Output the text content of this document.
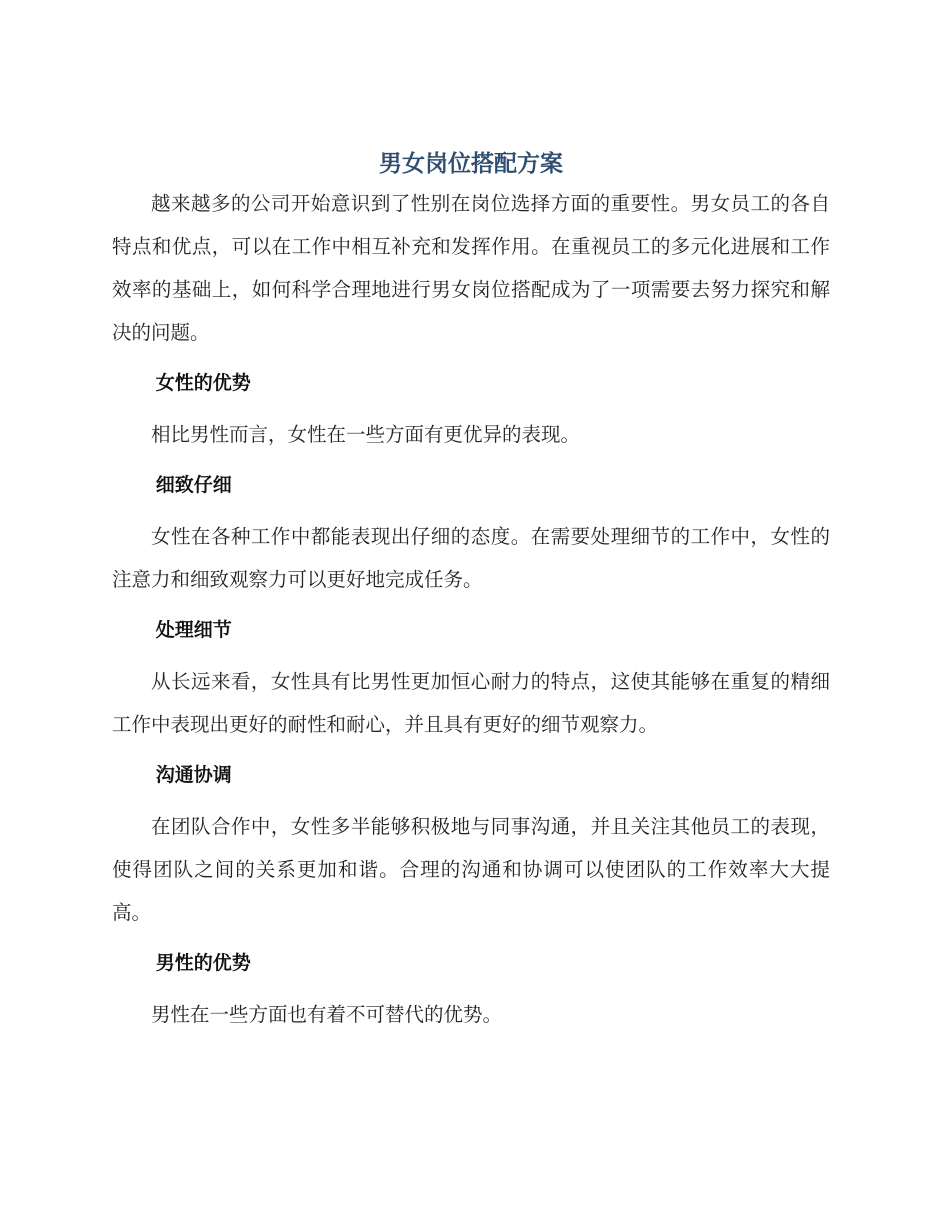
男女岗位搭配方案

越来越多的公司开始意识到了性别在岗位选择方面的重要性。男女员工的各自特点和优点，可以在工作中相互补充和发挥作用。在重视员工的多元化进展和工作效率的基础上，如何科学合理地进行男女岗位搭配成为了一项需要去努力探究和解决的问题。

女性的优势

相比男性而言，女性在一些方面有更优异的表现。

细致仔细

女性在各种工作中都能表现出仔细的态度。在需要处理细节的工作中，女性的注意力和细致观察力可以更好地完成任务。

处理细节

从长远来看，女性具有比男性更加恒心耐力的特点，这使其能够在重复的精细工作中表现出更好的耐性和耐心，并且具有更好的细节观察力。

沟通协调

在团队合作中，女性多半能够积极地与同事沟通，并且关注其他员工的表现，使得团队之间的关系更加和谐。合理的沟通和协调可以使团队的工作效率大大提高。

男性的优势

男性在一些方面也有着不可替代的优势。
